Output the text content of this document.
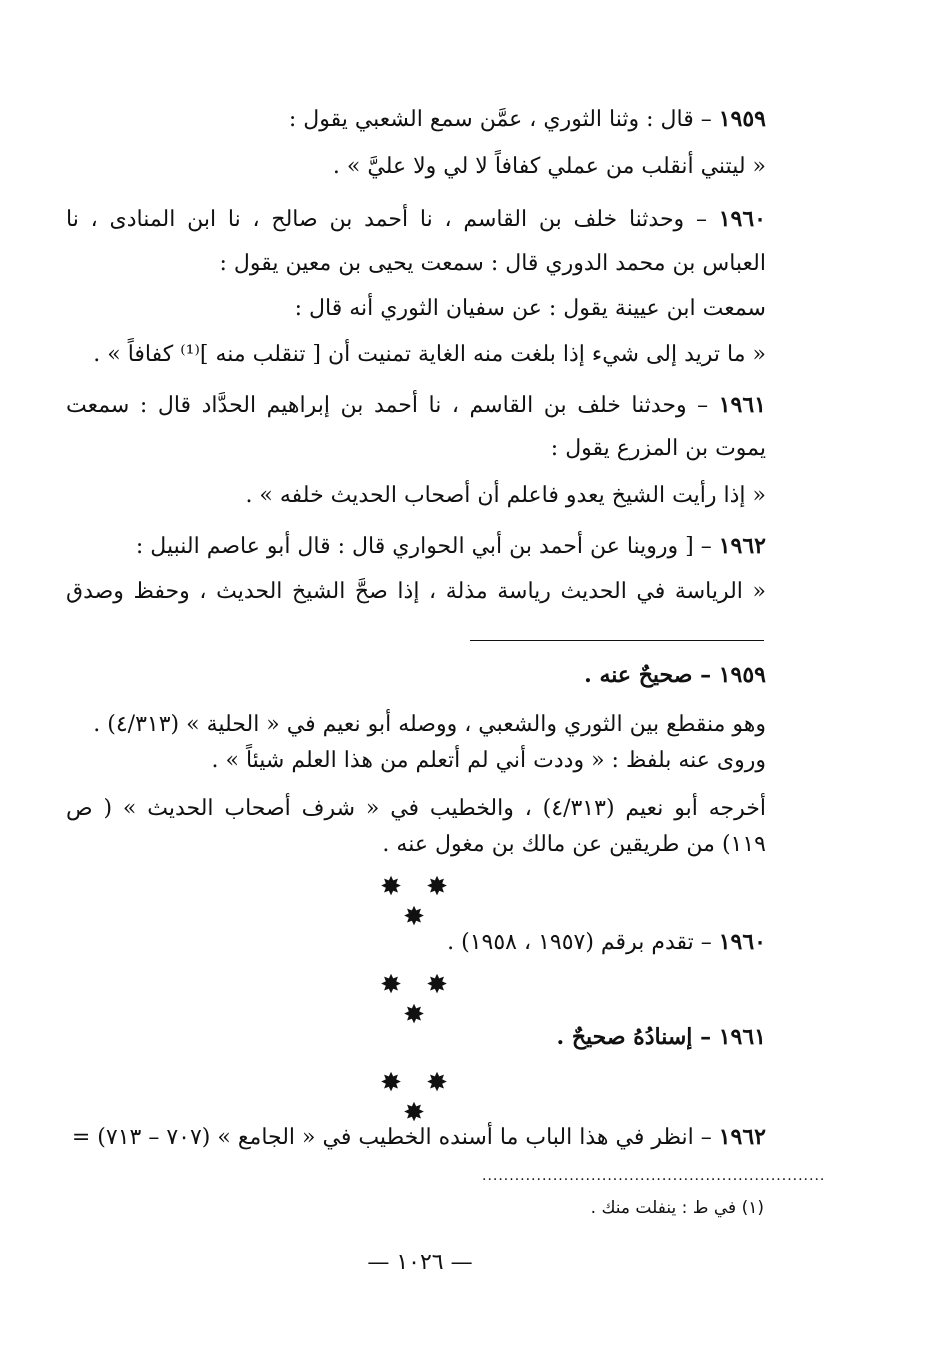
١٩٥٩ – قال : وثنا الثوري ، عمَّن سمع الشعبي يقول :
« ليتني أنقلب من عملي كفافاً لا لي ولا عليَّ » .
١٩٦٠ – وحدثنا خلف بن القاسم ، نا أحمد بن صالح ، نا ابن المنادى ، نا
العباس بن محمد الدوري قال : سمعت يحيى بن معين يقول :
سمعت ابن عيينة يقول : عن سفيان الثوري أنه قال :
« ما تريد إلى شيء إذا بلغت منه الغاية تمنيت أن [ تنقلب منه ]⁽¹⁾ كفافاً » .
١٩٦١ – وحدثنا خلف بن القاسم ، نا أحمد بن إبراهيم الحدَّاد قال : سمعت
يموت بن المزرع يقول :
« إذا رأيت الشيخ يعدو فاعلم أن أصحاب الحديث خلفه » .
١٩٦٢ – [ وروينا عن أحمد بن أبي الحواري قال : قال أبو عاصم النبيل :
« الرياسة في الحديث رياسة مذلة ، إذا صحَّ الشيخ الحديث ، وحفظ وصدق
١٩٥٩ – صحيحٌ عنه .
وهو منقطع بين الثوري والشعبي ، ووصله أبو نعيم في « الحلية » (٤/٣١٣) .
وروى عنه بلفظ : « وددت أني لم أتعلم من هذا العلم شيئاً » .
أخرجه أبو نعيم (٤/٣١٣) ، والخطيب في « شرف أصحاب الحديث » ( ص
١١٩) من طريقين عن مالك بن مغول عنه .
✸ ✸ ✸
١٩٦٠ – تقدم برقم (١٩٥٧ ، ١٩٥٨) .
✸ ✸ ✸
١٩٦١ – إسنادُهُ صحيحٌ .
✸ ✸ ✸
١٩٦٢ – انظر في هذا الباب ما أسنده الخطيب في « الجامع » (٧٠٧ – ٧١٣) =
...............................................................
(١) في ط : ينفلت منك .
— ١٠٢٦ —
